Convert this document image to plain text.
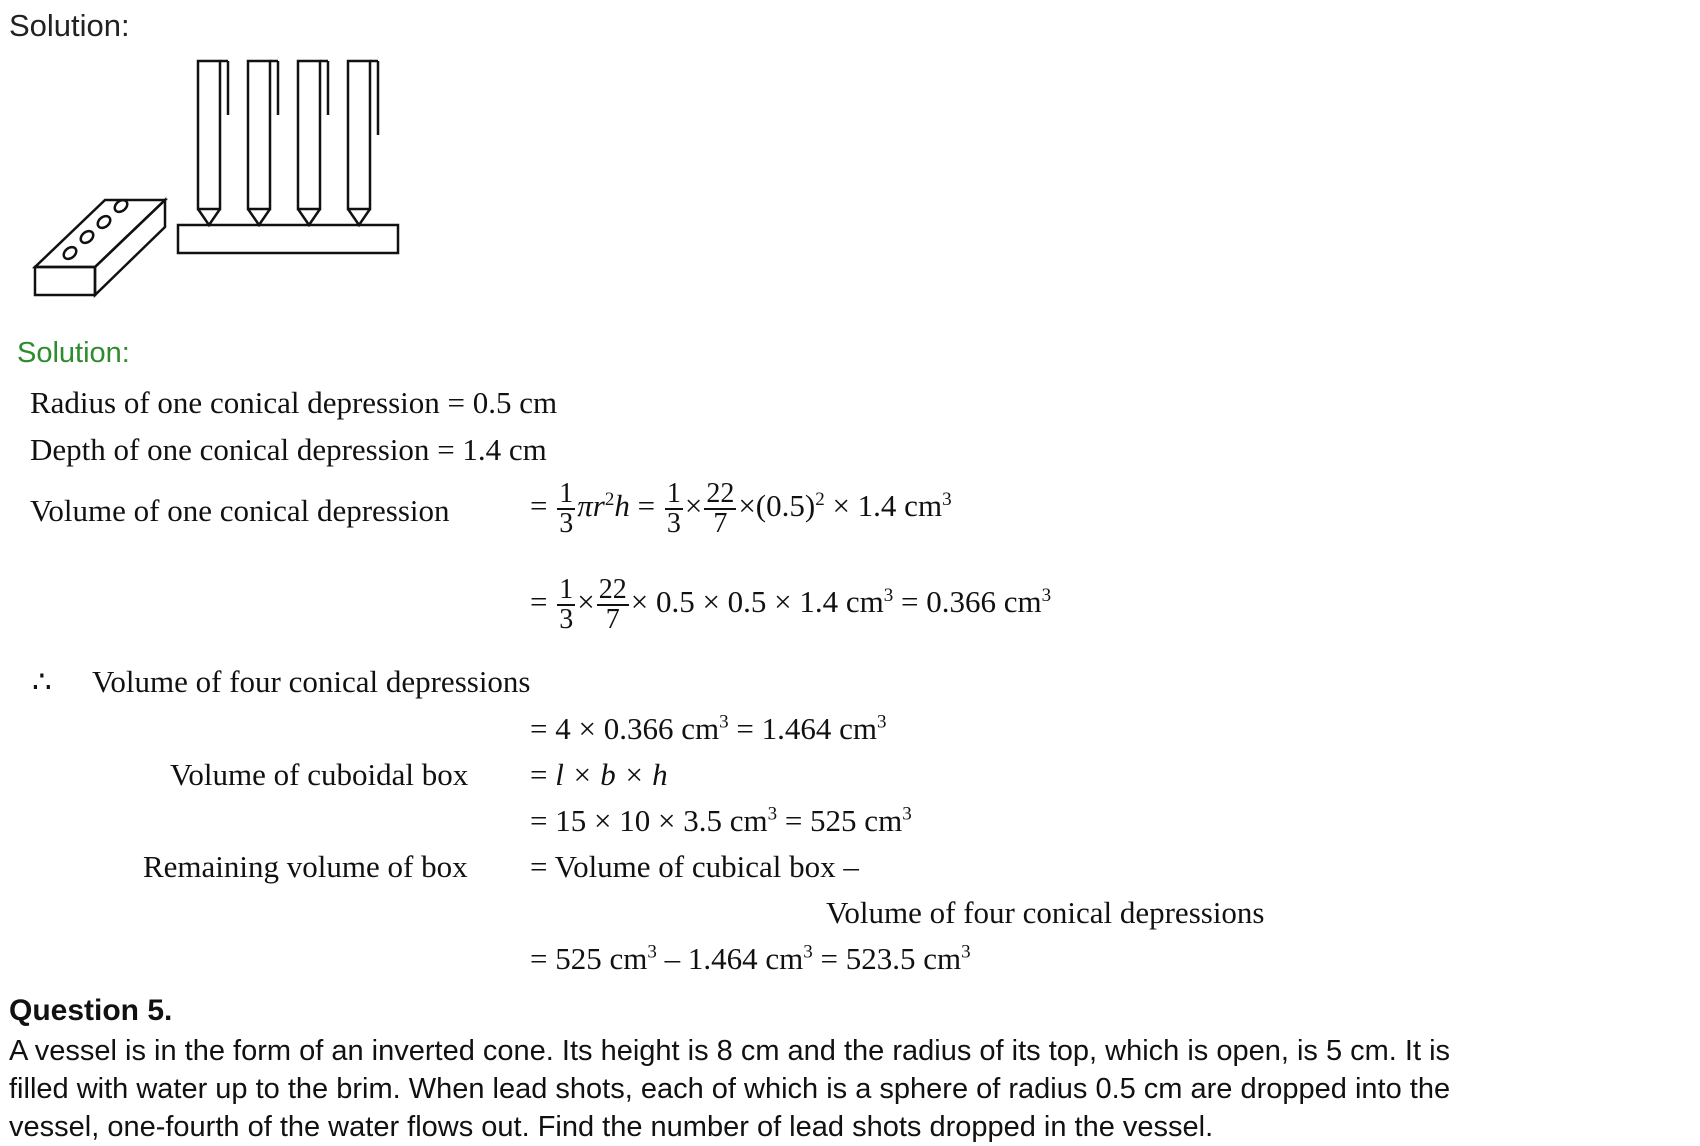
Solution:
Solution:
Radius of one conical depression = 0.5 cm
Depth of one conical depression = 1.4 cm
Volume of one conical depression	= $\frac{1}{3} \pi r^2h = \frac{1}{3} \times \frac{22}{7} \times(0.5)^2 \times 1.4$ $cm^3$
= $\frac{1}{3} \times \frac{22}{7} \times 0.5 \times 0.5 \times 1.4$ $cm^3 = 0.366$ $cm^3$
∴ Volume of four conical depressions
= 4 × 0.366 $cm^3 = 1.464$ $cm^3$
Volume of cuboidal box = l × b × h
= 15 × 10 × 3.5 $cm^3 = 525$ $cm^3$
Remaining volume of box = Volume of cubical box –
Volume of four conical depressions
= 525 $cm^3 - 1.464$ $cm^3 = 523.5$ $cm^3$
Question 5.
A vessel is in the form of an inverted cone. Its height is 8 cm and the radius of its top, which is open, is 5 cm. It is
filled with water up to the brim. When lead shots, each of which is a sphere of radius 0.5 cm are dropped into the
vessel, one-fourth of the water flows out. Find the number of lead shots dropped in the vessel.
